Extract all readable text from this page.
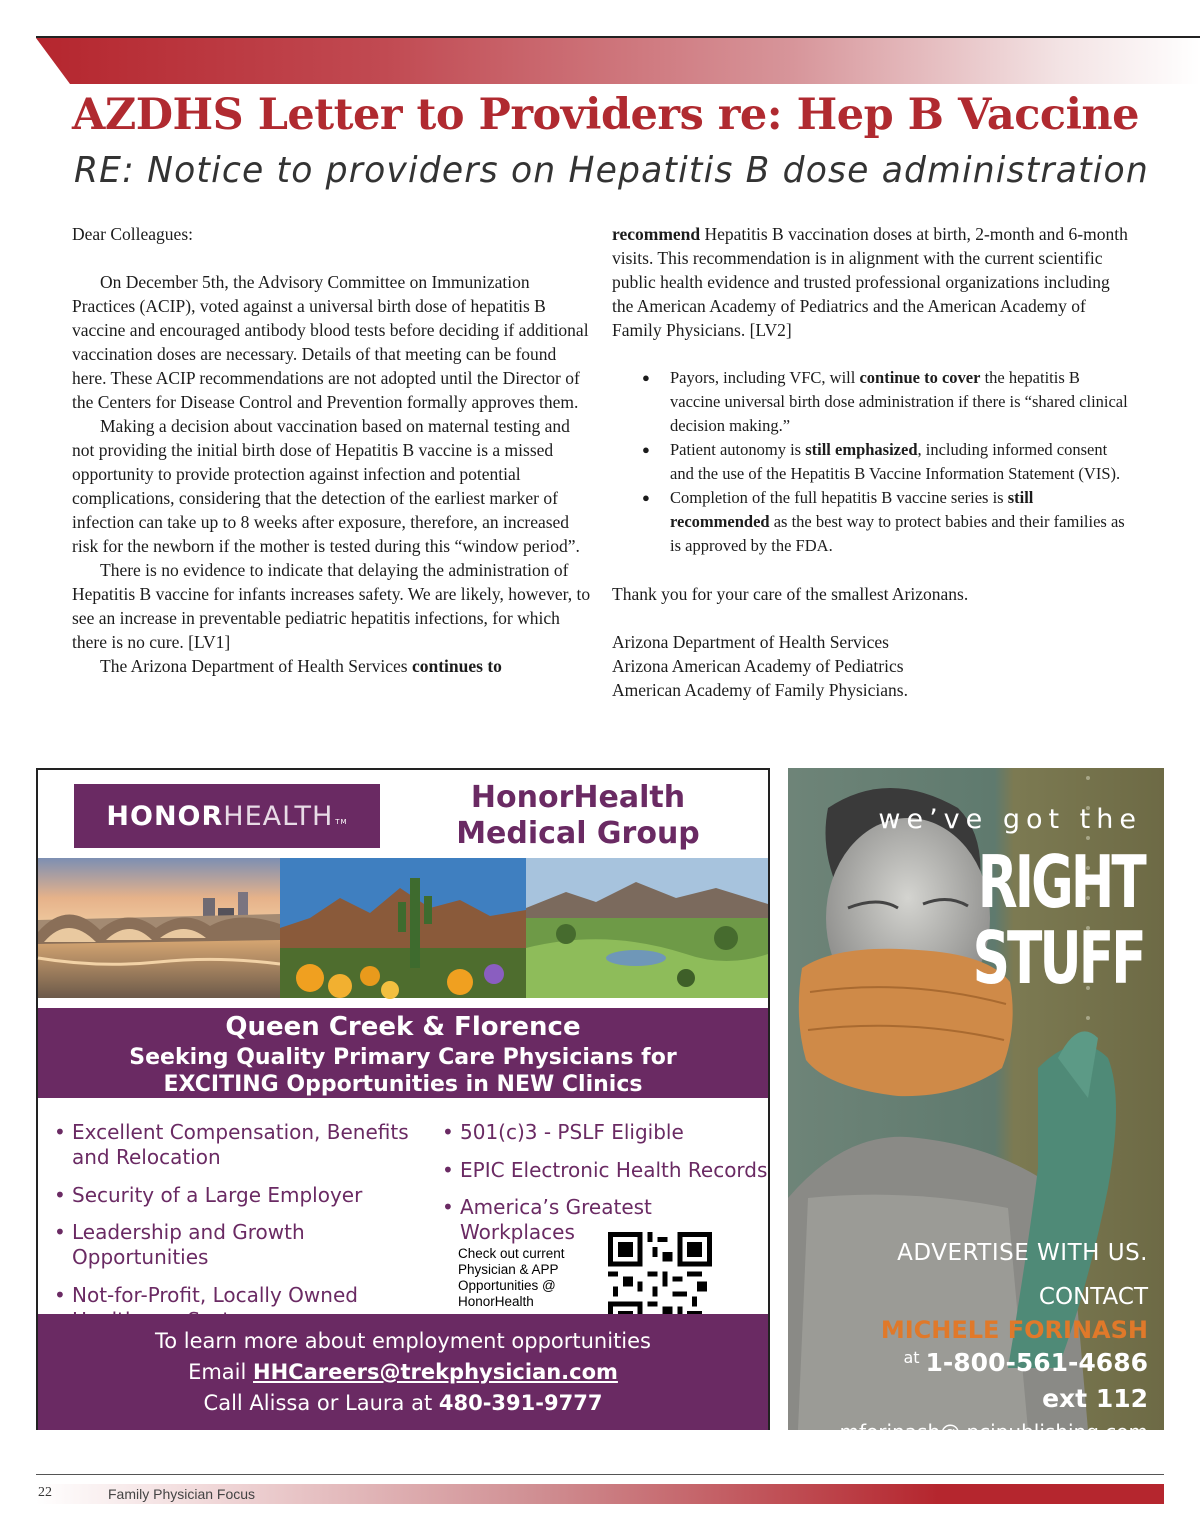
AZDHS Letter to Providers re: Hep B Vaccine
RE: Notice to providers on Hepatitis B dose administration

Dear Colleagues:

On December 5th, the Advisory Committee on Immunization Practices (ACIP), voted against a universal birth dose of hepatitis B vaccine and encouraged antibody blood tests before deciding if additional vaccination doses are necessary. Details of that meeting can be found here. These ACIP recommendations are not adopted until the Director of the Centers for Disease Control and Prevention formally approves them.

Making a decision about vaccination based on maternal testing and not providing the initial birth dose of Hepatitis B vaccine is a missed opportunity to provide protection against infection and potential complications, considering that the detection of the earliest marker of infection can take up to 8 weeks after exposure, therefore, an increased risk for the newborn if the mother is tested during this “window period”.

There is no evidence to indicate that delaying the administration of Hepatitis B vaccine for infants increases safety. We are likely, however, to see an increase in preventable pediatric hepatitis infections, for which there is no cure. [LV1]

The Arizona Department of Health Services continues to

recommend Hepatitis B vaccination doses at birth, 2-month and 6-month visits. This recommendation is in alignment with the current scientific public health evidence and trusted professional organizations including the American Academy of Pediatrics and the American Academy of Family Physicians. [LV2]

● Payors, including VFC, will continue to cover the hepatitis B vaccine universal birth dose administration if there is “shared clinical decision making.”
● Patient autonomy is still emphasized, including informed consent and the use of the Hepatitis B Vaccine Information Statement (VIS).
● Completion of the full hepatitis B vaccine series is still recommended as the best way to protect babies and their families as is approved by the FDA.

Thank you for your care of the smallest Arizonans.

Arizona Department of Health Services

Arizona American Academy of Pediatrics

American Academy of Family Physicians.

HONOR HEALTH TM
HonorHealth
Medical Group
Queen Creek & Florence
Seeking Quality Primary Care Physicians for
EXCITING Opportunities in NEW Clinics
• Excellent Compensation, Benefits and Relocation
• Security of a Large Employer
• Leadership and Growth Opportunities
• Not-for-Profit, Locally Owned
• 501(c)3 - PSLF Eligible
• EPIC Electronic Health Records
• America’s Greatest Workplaces
Check out current Physician & APP Opportunities @ HonorHealth
To learn more about employment opportunities
Email HHCareers@trekphysician.com
Call Alissa or Laura at 480-391-9777
we’ve got the
RIGHT
STUFF
ADVERTISE WITH US.
CONTACT
MICHELE FORINASH
$^{at}$ 1-800-561-4686
ext 112
mforinash@ pcipublishing.com
22	Family Physician Focus
